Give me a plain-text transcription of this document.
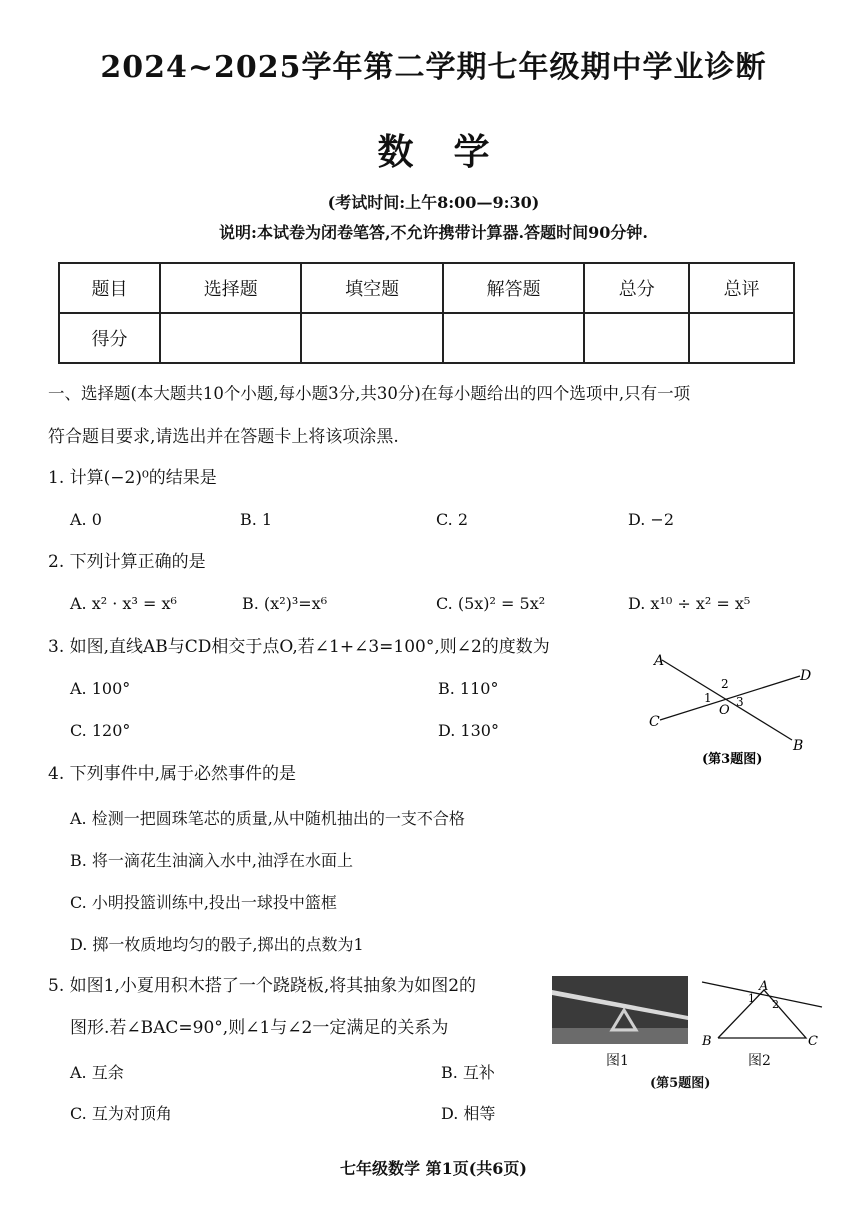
2024~2025学年第二学期七年级期中学业诊断
数学
(考试时间:上午8:00—9:30)
说明:本试卷为闭卷笔答,不允许携带计算器.答题时间90分钟.
题目	选择题	填空题	解答题	总分	总评
得分					
一、选择题(本大题共10个小题,每小题3分,共30分)在每小题给出的四个选项中,只有一项
符合题目要求,请选出并在答题卡上将该项涂黑.
1. 计算(−2)⁰的结果是
A. 0	B. 1	C. 2	D. −2
2. 下列计算正确的是
A. x² · x³ = x⁶	B. (x²)³=x⁶	C. (5x)² = 5x²	D. x¹⁰ ÷ x² = x⁵
3. 如图,直线AB与CD相交于点O,若∠1+∠3=100°,则∠2的度数为
A. 100°	B. 110°
C. 120°	D. 130°
A
B
C
D
O
1
2
3
(第3题图)
4. 下列事件中,属于必然事件的是
A. 检测一把圆珠笔芯的质量,从中随机抽出的一支不合格
B. 将一滴花生油滴入水中,油浮在水面上
C. 小明投篮训练中,投出一球投中篮框
D. 掷一枚质地均匀的骰子,掷出的点数为1
5. 如图1,小夏用积木搭了一个跷跷板,将其抽象为如图2的
图形.若∠BAC=90°,则∠1与∠2一定满足的关系为
A. 互余	B. 互补
C. 互为对顶角	D. 相等
图1
A
B	C
1 2
图2
(第5题图)
七年级数学 第1页(共6页)
